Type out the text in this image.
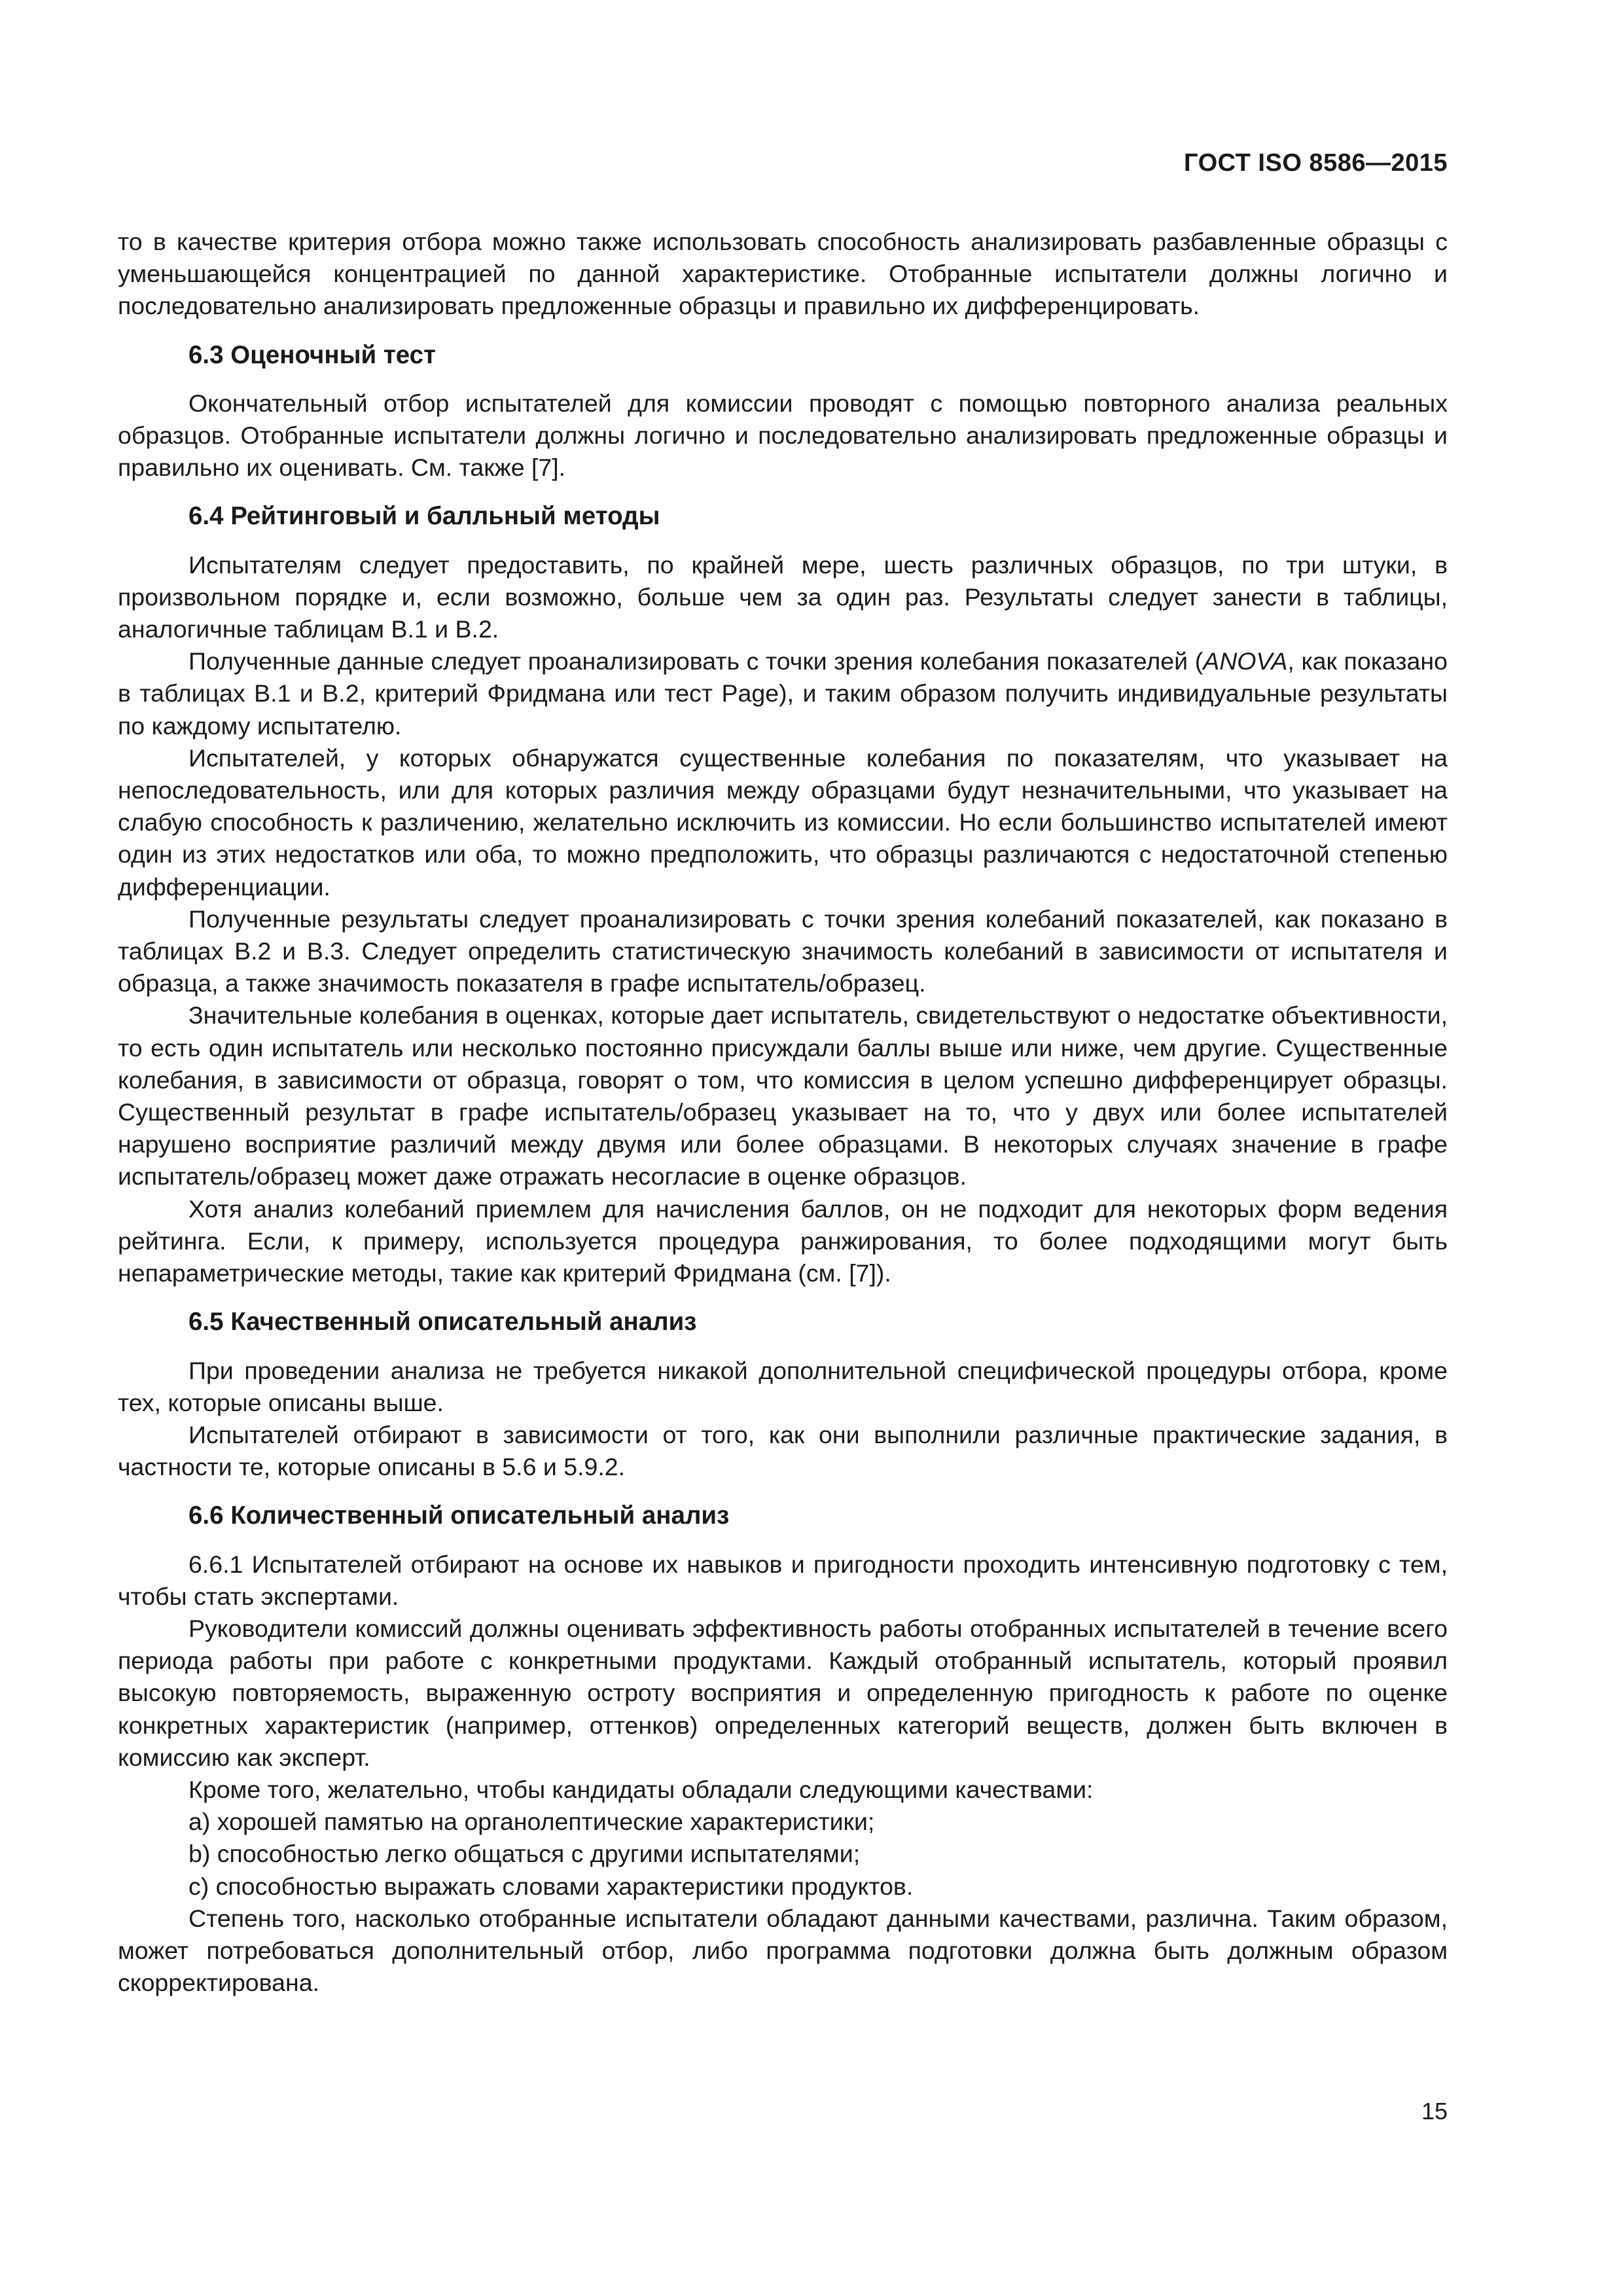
ГОСТ ISO 8586—2015

то в качестве критерия отбора можно также использовать способность анализировать разбавленные образцы с уменьшающейся концентрацией по данной характеристике. Отобранные испытатели должны логично и последовательно анализировать предложенные образцы и правильно их дифференцировать.

6.3 Оценочный тест

Окончательный отбор испытателей для комиссии проводят с помощью повторного анализа реальных образцов. Отобранные испытатели должны логично и последовательно анализировать предложенные образцы и правильно их оценивать. См. также [7].

6.4 Рейтинговый и балльный методы

Испытателям следует предоставить, по крайней мере, шесть различных образцов, по три штуки, в произвольном порядке и, если возможно, больше чем за один раз. Результаты следует занести в таблицы, аналогичные таблицам В.1 и В.2.

Полученные данные следует проанализировать с точки зрения колебания показателей (ANOVA, как показано в таблицах В.1 и В.2, критерий Фридмана или тест Page), и таким образом получить индивидуальные результаты по каждому испытателю.

Испытателей, у которых обнаружатся существенные колебания по показателям, что указывает на непоследовательность, или для которых различия между образцами будут незначительными, что указывает на слабую способность к различению, желательно исключить из комиссии. Но если большинство испытателей имеют один из этих недостатков или оба, то можно предположить, что образцы различаются с недостаточной степенью дифференциации.

Полученные результаты следует проанализировать с точки зрения колебаний показателей, как показано в таблицах В.2 и В.3. Следует определить статистическую значимость колебаний в зависимости от испытателя и образца, а также значимость показателя в графе испытатель/образец.

Значительные колебания в оценках, которые дает испытатель, свидетельствуют о недостатке объективности, то есть один испытатель или несколько постоянно присуждали баллы выше или ниже, чем другие. Существенные колебания, в зависимости от образца, говорят о том, что комиссия в целом успешно дифференцирует образцы. Существенный результат в графе испытатель/образец указывает на то, что у двух или более испытателей нарушено восприятие различий между двумя или более образцами. В некоторых случаях значение в графе испытатель/образец может даже отражать несогласие в оценке образцов.

Хотя анализ колебаний приемлем для начисления баллов, он не подходит для некоторых форм ведения рейтинга. Если, к примеру, используется процедура ранжирования, то более подходящими могут быть непараметрические методы, такие как критерий Фридмана (см. [7]).

6.5 Качественный описательный анализ

При проведении анализа не требуется никакой дополнительной специфической процедуры отбора, кроме тех, которые описаны выше.

Испытателей отбирают в зависимости от того, как они выполнили различные практические задания, в частности те, которые описаны в 5.6 и 5.9.2.

6.6 Количественный описательный анализ

6.6.1 Испытателей отбирают на основе их навыков и пригодности проходить интенсивную подготовку с тем, чтобы стать экспертами.

Руководители комиссий должны оценивать эффективность работы отобранных испытателей в течение всего периода работы при работе с конкретными продуктами. Каждый отобранный испытатель, который проявил высокую повторяемость, выраженную остроту восприятия и определенную пригодность к работе по оценке конкретных характеристик (например, оттенков) определенных категорий веществ, должен быть включен в комиссию как эксперт.

Кроме того, желательно, чтобы кандидаты обладали следующими качествами:

a) хорошей памятью на органолептические характеристики;

b) способностью легко общаться с другими испытателями;

c) способностью выражать словами характеристики продуктов.

Степень того, насколько отобранные испытатели обладают данными качествами, различна. Таким образом, может потребоваться дополнительный отбор, либо программа подготовки должна быть должным образом скорректирована.

15
